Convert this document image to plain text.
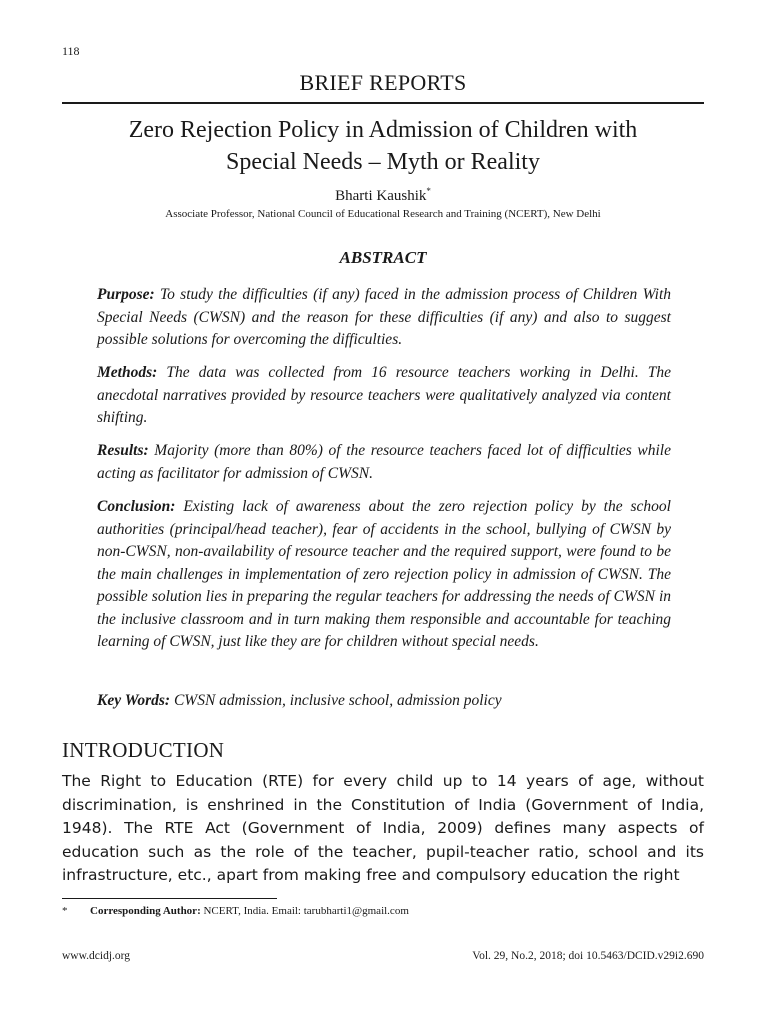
118
BRIEF REPORTS
Zero Rejection Policy in Admission of Children with
Special Needs – Myth or Reality
Bharti Kaushik*
Associate Professor, National Council of Educational Research and Training (NCERT), New Delhi
ABSTRACT

Purpose: To study the difficulties (if any) faced in the admission process of Children With Special Needs (CWSN) and the reason for these difficulties (if any) and also to suggest possible solutions for overcoming the difficulties.

Methods: The data was collected from 16 resource teachers working in Delhi. The anecdotal narratives provided by resource teachers were qualitatively analyzed via content shifting.

Results: Majority (more than 80%) of the resource teachers faced lot of difficulties while acting as facilitator for admission of CWSN.

Conclusion: Existing lack of awareness about the zero rejection policy by the school authorities (principal/head teacher), fear of accidents in the school, bullying of CWSN by non-CWSN, non-availability of resource teacher and the required support, were found to be the main challenges in implementation of zero rejection policy in admission of CWSN. The possible solution lies in preparing the regular teachers for addressing the needs of CWSN in the inclusive classroom and in turn making them responsible and accountable for teaching learning of CWSN, just like they are for children without special needs.

Key Words: CWSN admission, inclusive school, admission policy

INTRODUCTION

The Right to Education (RTE) for every child up to 14 years of age, without discrimination, is enshrined in the Constitution of India (Government of India, 1948). The RTE Act (Government of India, 2009) defines many aspects of education such as the role of the teacher, pupil-teacher ratio, school and its infrastructure, etc., apart from making free and compulsory education the right

* Corresponding Author: NCERT, India. Email: tarubharti1@gmail.com
www.dcidj.org	Vol. 29, No.2, 2018; doi 10.5463/DCID.v29i2.690
